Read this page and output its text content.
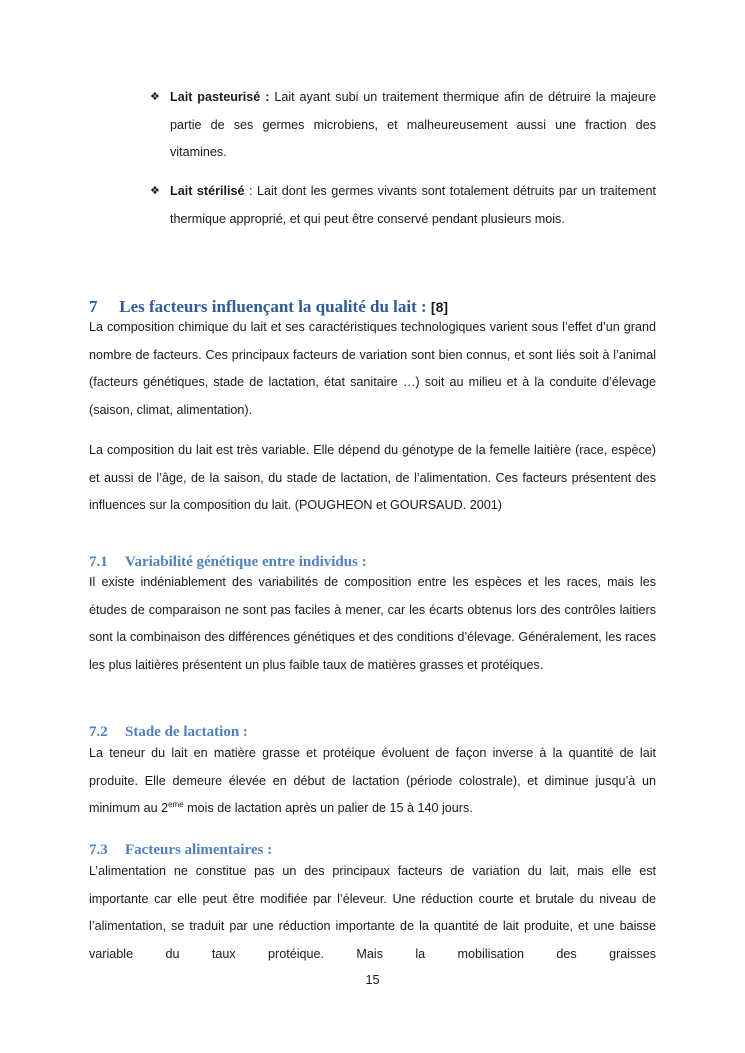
❖ Lait pasteurisé : Lait ayant subi un traitement thermique afin de détruire la majeure partie de ses germes microbiens, et malheureusement aussi une fraction des vitamines.
❖ Lait stérilisé : Lait dont les germes vivants sont totalement détruits par un traitement thermique approprié, et qui peut être conservé pendant plusieurs mois.
7 Les facteurs influençant la qualité du lait : [8]
La composition chimique du lait et ses caractéristiques technologiques varient sous l’effet d’un grand nombre de facteurs. Ces principaux facteurs de variation sont bien connus, et sont liés soit à l’animal (facteurs génétiques, stade de lactation, état sanitaire …) soit au milieu et à la conduite d’élevage (saison, climat, alimentation).
La composition du lait est très variable. Elle dépend du génotype de la femelle laitière (race, espèce) et aussi de l’âge, de la saison, du stade de lactation, de l’alimentation. Ces facteurs présentent des influences sur la composition du lait. (POUGHEON et GOURSAUD. 2001)
7.1 Variabilité génétique entre individus :
Il existe indéniablement des variabilités de composition entre les espèces et les races, mais les études de comparaison ne sont pas faciles à mener, car les écarts obtenus lors des contrôles laitiers sont la combinaison des différences génétiques et des conditions d’élevage. Généralement, les races les plus laitières présentent un plus faible taux de matières grasses et protéiques.
7.2 Stade de lactation :
La teneur du lait en matière grasse et protéique évoluent de façon inverse à la quantité de lait produite. Elle demeure élevée en début de lactation (période colostrale), et diminue jusqu’à un minimum au 2eme mois de lactation après un palier de 15 à 140 jours.
7.3 Facteurs alimentaires :
L’alimentation ne constitue pas un des principaux facteurs de variation du lait, mais elle est importante car elle peut être modifiée par l’éleveur. Une réduction courte et brutale du niveau de l’alimentation, se traduit par une réduction importante de la quantité de lait produite, et une baisse variable du taux protéique. Mais la mobilisation des graisses
15
